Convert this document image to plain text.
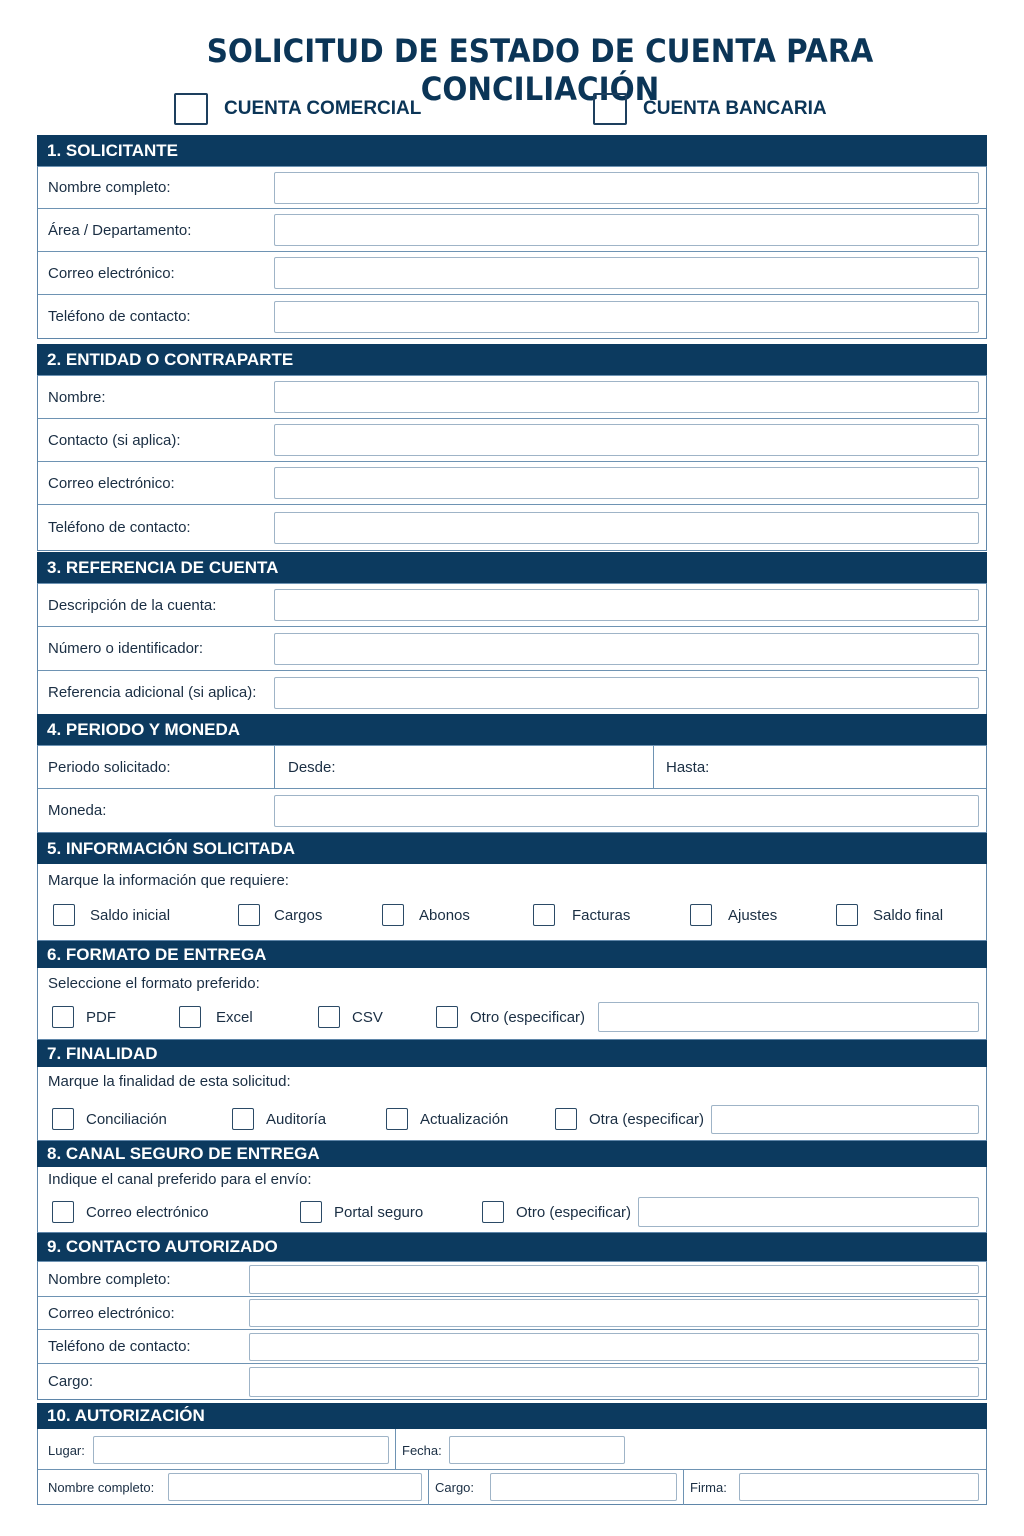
SOLICITUD DE ESTADO DE CUENTA PARA CONCILIACIÓN
CUENTA COMERCIAL	CUENTA BANCARIA
1. SOLICITANTE
Nombre completo:
Área / Departamento:
Correo electrónico:
Teléfono de contacto:
2. ENTIDAD O CONTRAPARTE
Nombre:
Contacto (si aplica):
Correo electrónico:
Teléfono de contacto:
3. REFERENCIA DE CUENTA
Descripción de la cuenta:
Número o identificador:
Referencia adicional (si aplica):
4. PERIODO Y MONEDA
Periodo solicitado:	Desde:	Hasta:
Moneda:
5. INFORMACIÓN SOLICITADA
Marque la información que requiere:
Saldo inicial	Cargos	Abonos	Facturas	Ajustes	Saldo final
6. FORMATO DE ENTREGA
Seleccione el formato preferido:
PDF	Excel	CSV	Otro (especificar)
7. FINALIDAD
Marque la finalidad de esta solicitud:
Conciliación	Auditoría	Actualización	Otra (especificar)
8. CANAL SEGURO DE ENTREGA
Indique el canal preferido para el envío:
Correo electrónico	Portal seguro	Otro (especificar)
9. CONTACTO AUTORIZADO
Nombre completo:
Correo electrónico:
Teléfono de contacto:
Cargo:
10. AUTORIZACIÓN
Lugar:	Fecha:
Nombre completo:	Cargo:	Firma:
